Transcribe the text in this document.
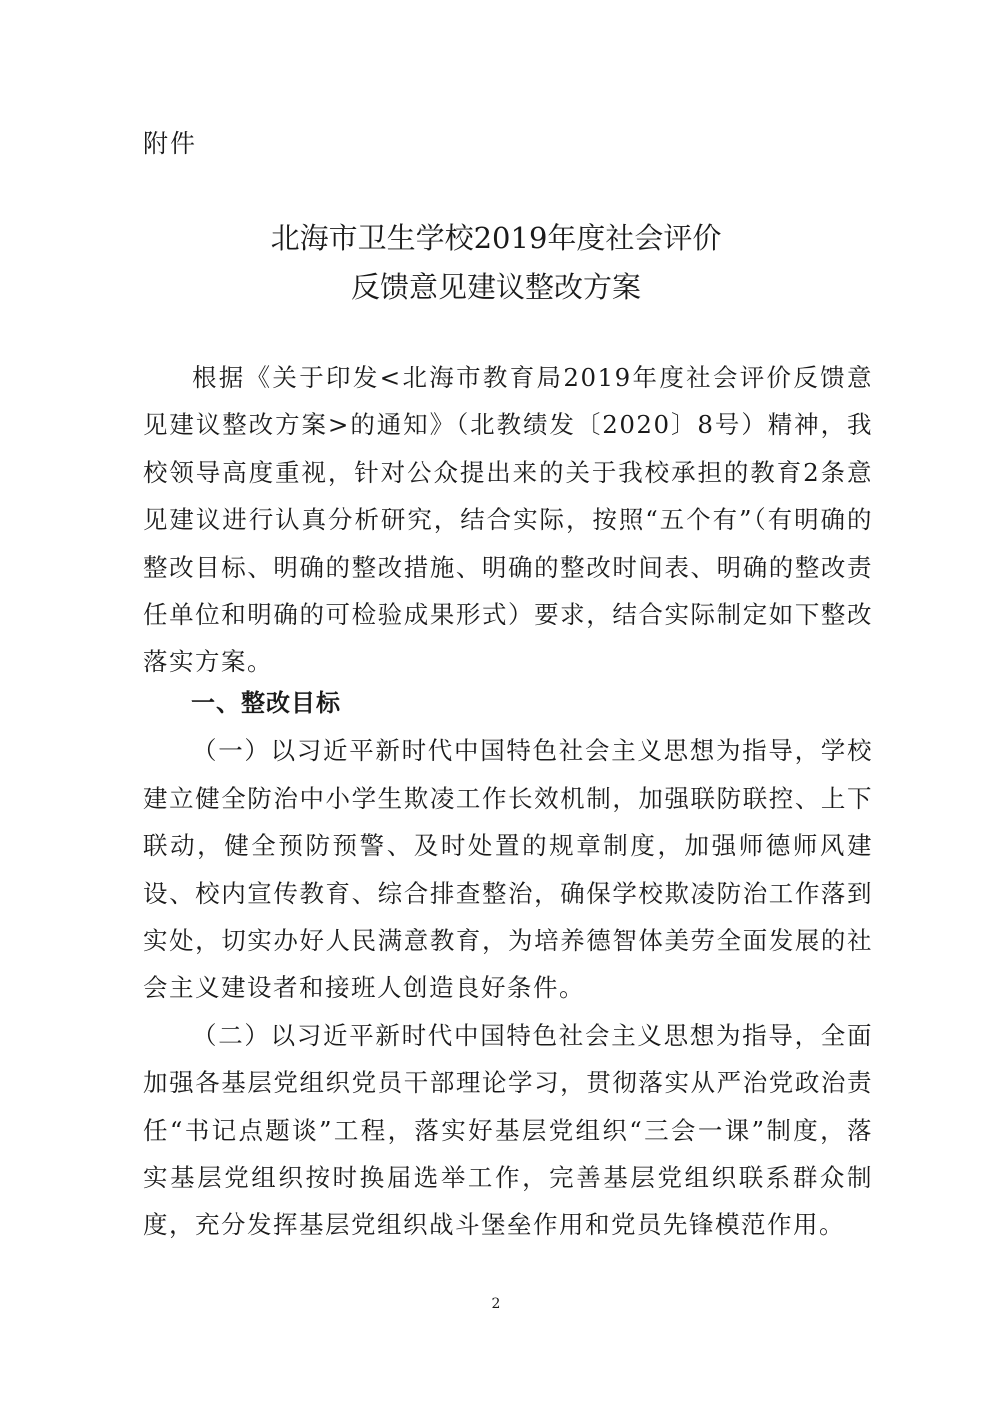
附件
北海市卫生学校2019年度社会评价
反馈意见建议整改方案

根据《关于印发<北海市教育局2019年度社会评价反馈意见建议整改方案>的通知》（北教绩发〔2020〕8号）精神，我校领导高度重视，针对公众提出来的关于我校承担的教育2条意见建议进行认真分析研究，结合实际，按照“五个有”（有明确的整改目标、明确的整改措施、明确的整改时间表、明确的整改责任单位和明确的可检验成果形式）要求，结合实际制定如下整改落实方案。

一、整改目标

（一）以习近平新时代中国特色社会主义思想为指导，学校建立健全防治中小学生欺凌工作长效机制，加强联防联控、上下联动，健全预防预警、及时处置的规章制度，加强师德师风建设、校内宣传教育、综合排查整治，确保学校欺凌防治工作落到实处，切实办好人民满意教育，为培养德智体美劳全面发展的社会主义建设者和接班人创造良好条件。

（二）以习近平新时代中国特色社会主义思想为指导，全面加强各基层党组织党员干部理论学习，贯彻落实从严治党政治责任“书记点题谈”工程，落实好基层党组织“三会一课”制度，落实基层党组织按时换届选举工作，完善基层党组织联系群众制度，充分发挥基层党组织战斗堡垒作用和党员先锋模范作用。

2
